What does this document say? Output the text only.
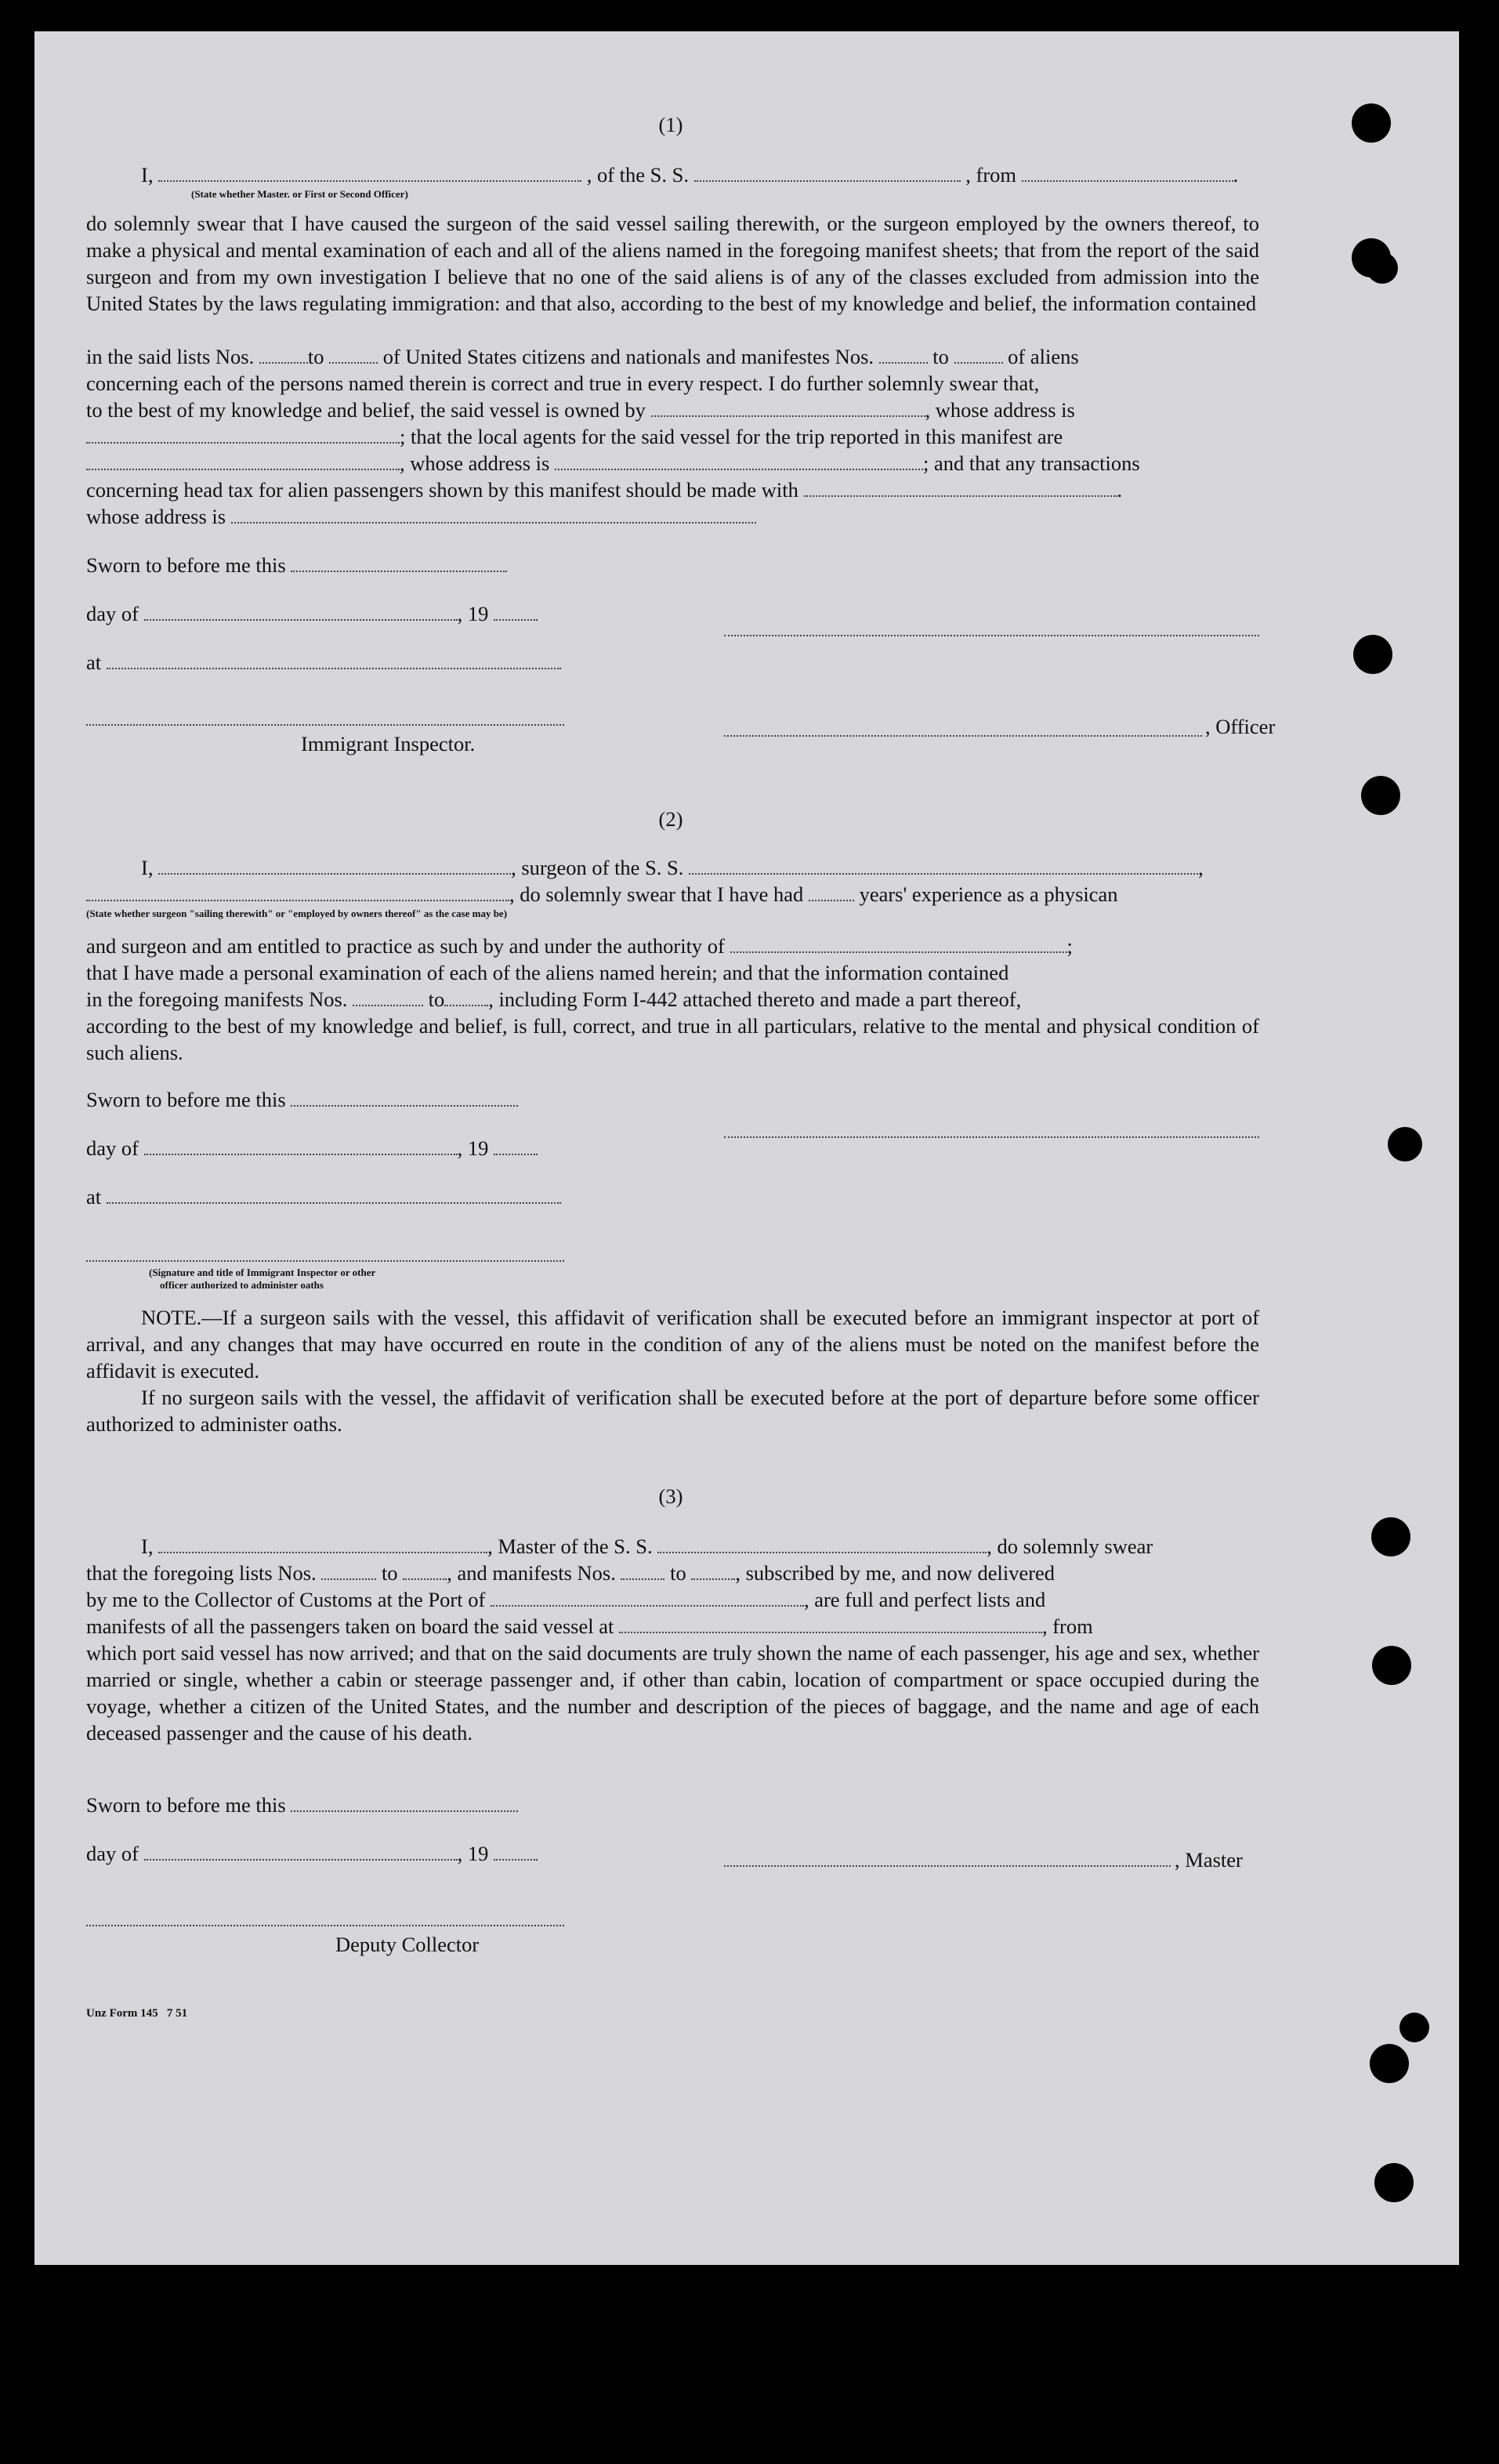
(1)
I,	, of the S. S.	, from	.
(State whether Master. or First or Second Officer)
do solemnly swear that I have caused the surgeon of the said vessel sailing therewith, or the surgeon employed by the owners thereof, to make a physical and mental examination of each and all of the aliens named in the foregoing manifest sheets; that from the report of the said surgeon and from my own investigation I believe that no one of the said aliens is of any of the classes excluded from admission into the United States by the laws regulating immigration: and that also, according to the best of my knowledge and belief, the information contained
in the said lists Nos.	to	of United States citizens and nationals and manifestes Nos.	to	of aliens
concerning each of the persons named therein is correct and true in every respect. I do further solemnly swear that,
to the best of my knowledge and belief, the said vessel is owned by	, whose address is
; that the local agents for the said vessel for the trip reported in this manifest are
, whose address is	; and that any transactions
concerning head tax for alien passengers shown by this manifest should be made with	.
whose address is
Sworn to before me this
day of	, 19
at
, Officer
Immigrant Inspector.
(2)
I,	, surgeon of the S. S.	,
, do solemnly swear that I have had	years' experience as a physican
(State whether surgeon "sailing therewith" or "employed by owners thereof" as the case may be)
and surgeon and am entitled to practice as such by and under the authority of	;
that I have made a personal examination of each of the aliens named herein; and that the information contained
in the foregoing manifests Nos.	to , including Form I-442 attached thereto and made a part thereof,
according to the best of my knowledge and belief, is full, correct, and true in all particulars, relative to the mental and physical condition of such aliens.
Sworn to before me this
day of	, 19
at
(Signature and title of Immigrant Inspector or other
officer authorized to administer oaths
NOTE.—If a surgeon sails with the vessel, this affidavit of verification shall be executed before an immigrant inspector at port of arrival, and any changes that may have occurred en route in the condition of any of the aliens must be noted on the manifest before the affidavit is executed.
If no surgeon sails with the vessel, the affidavit of verification shall be executed before at the port of departure before some officer authorized to administer oaths.
(3)
I,	, Master of the S. S.	, do solemnly swear
that the foregoing lists Nos.	to , and manifests Nos.	to , subscribed by me, and now delivered
by me to the Collector of Customs at the Port of	, are full and perfect lists and
manifests of all the passengers taken on board the said vessel at	, from
which port said vessel has now arrived; and that on the said documents are truly shown the name of each passenger, his age and sex, whether married or single, whether a cabin or steerage passenger and, if other than cabin, location of compartment or space occupied during the voyage, whether a citizen of the United States, and the number and description of the pieces of baggage, and the name and age of each deceased passenger and the cause of his death.
Sworn to before me this
day of	, 19	, Master
Deputy Collector
Unz Form 145   7 51
